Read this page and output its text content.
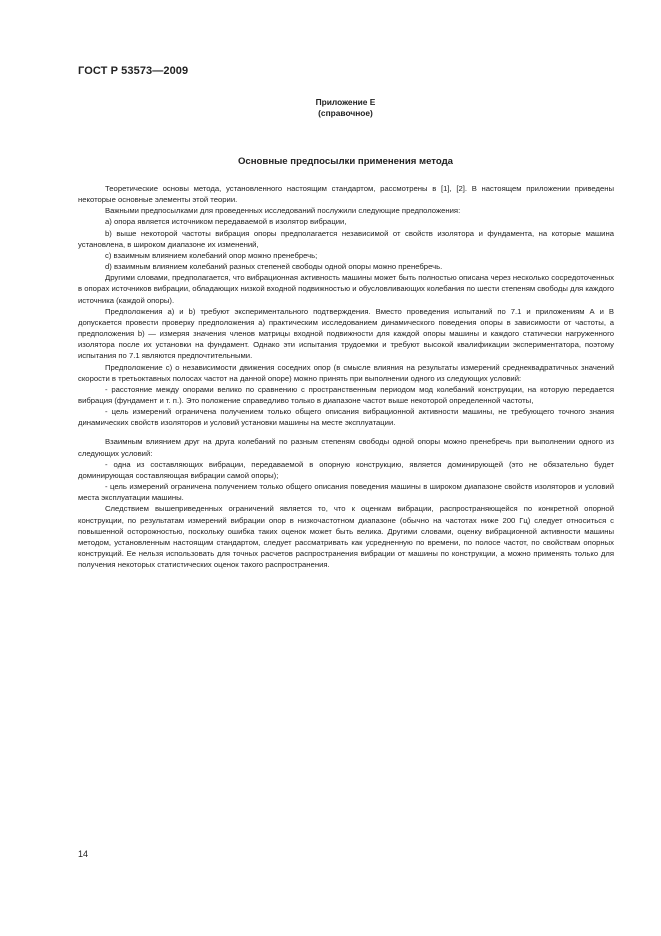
ГОСТ Р 53573—2009
Приложение Е
(справочное)
Основные предпосылки применения метода

Теоретические основы метода, установленного настоящим стандартом, рассмотрены в [1], [2]. В настоящем приложении приведены некоторые основные элементы этой теории.

Важными предпосылками для проведенных исследований послужили следующие предположения:

a) опора является источником передаваемой в изолятор вибрации,

b) выше некоторой частоты вибрация опоры предполагается независимой от свойств изолятора и фундамента, на которые машина установлена, в широком диапазоне их изменений,

c) взаимным влиянием колебаний опор можно пренебречь;

d) взаимным влиянием колебаний разных степеней свободы одной опоры можно пренебречь.

Другими словами, предполагается, что вибрационная активность машины может быть полностью описана через несколько сосредоточенных в опорах источников вибрации, обладающих низкой входной подвижностью и обусловливающих колебания по шести степеням свободы для каждого источника (каждой опоры).

Предположения а) и b) требуют экспериментального подтверждения. Вместо проведения испытаний по 7.1 и приложениям А и В допускается провести проверку предположения а) практическим исследованием динамического поведения опоры в зависимости от частоты, а предположения b) — измеряя значения членов матрицы входной подвижности для каждой опоры машины и каждого статически нагруженного изолятора после их установки на фундамент. Однако эти испытания трудоемки и требуют высокой квалификации экспериментатора, поэтому испытания по 7.1 являются предпочтительными.

Предположение с) о независимости движения соседних опор (в смысле влияния на результаты измерений среднеквадратичных значений скорости в третьоктавных полосах частот на данной опоре) можно принять при выполнении одного из следующих условий:

- расстояние между опорами велико по сравнению с пространственным периодом мод колебаний конструкции, на которую передается вибрация (фундамент и т. п.). Это положение справедливо только в диапазоне частот выше некоторой определенной частоты,

- цель измерений ограничена получением только общего описания вибрационной активности машины, не требующего точного знания динамических свойств изоляторов и условий установки машины на месте эксплуатации.

Взаимным влиянием друг на друга колебаний по разным степеням свободы одной опоры можно пренебречь при выполнении одного из следующих условий:

- одна из составляющих вибрации, передаваемой в опорную конструкцию, является доминирующей (это не обязательно будет доминирующая составляющая вибрации самой опоры);

- цель измерений ограничена получением только общего описания поведения машины в широком диапазоне свойств изоляторов и условий места эксплуатации машины.

Следствием вышеприведенных ограничений является то, что к оценкам вибрации, распространяющейся по конкретной опорной конструкции, по результатам измерений вибрации опор в низкочастотном диапазоне (обычно на частотах ниже 200 Гц) следует относиться с повышенной осторожностью, поскольку ошибка таких оценок может быть велика. Другими словами, оценку вибрационной активности машины методом, установленным настоящим стандартом, следует рассматривать как усредненную по времени, по полосе частот, по свойствам опорных конструкций. Ее нельзя использовать для точных расчетов распространения вибрации от машины по конструкции, а можно применять только для получения некоторых статистических оценок такого распространения.

14
